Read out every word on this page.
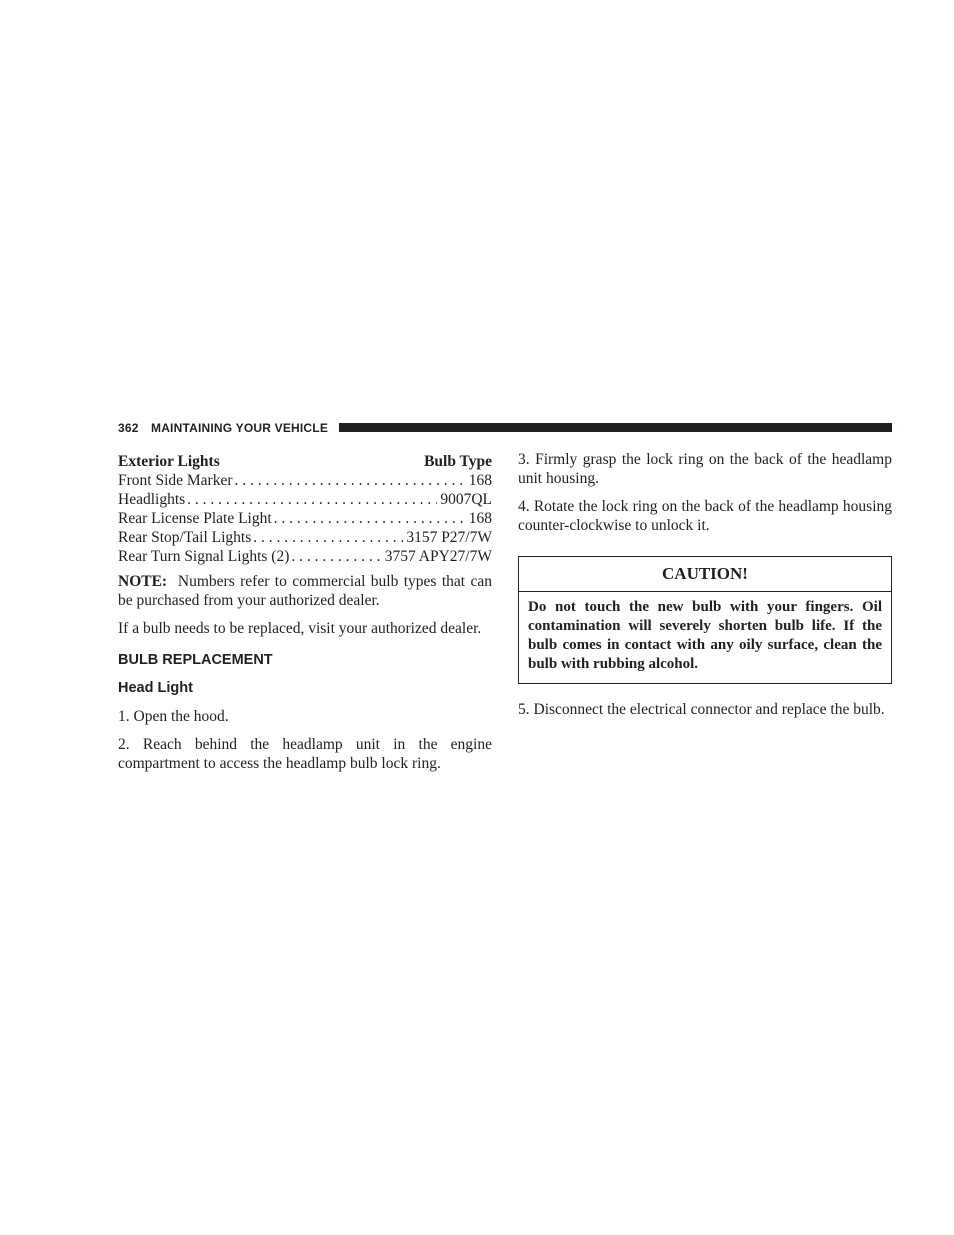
362 MAINTAINING YOUR VEHICLE
Exterior Lights	Bulb Type
Front Side Marker . . .	168
Headlights . . .	9007QL
Rear License Plate Light . . .	168
Rear Stop/Tail Lights . . .	3157 P27/7W
Rear Turn Signal Lights (2) . . .	3757 APY27/7W

NOTE: Numbers refer to commercial bulb types that can be purchased from your authorized dealer.

If a bulb needs to be replaced, visit your authorized dealer.

BULB REPLACEMENT
Head Light

1. Open the hood.

2. Reach behind the headlamp unit in the engine compartment to access the headlamp bulb lock ring.

3. Firmly grasp the lock ring on the back of the headlamp unit housing.

4. Rotate the lock ring on the back of the headlamp housing counter-clockwise to unlock it.

CAUTION!
Do not touch the new bulb with your fingers. Oil contamination will severely shorten bulb life. If the bulb comes in contact with any oily surface, clean the bulb with rubbing alcohol.

5. Disconnect the electrical connector and replace the bulb.
